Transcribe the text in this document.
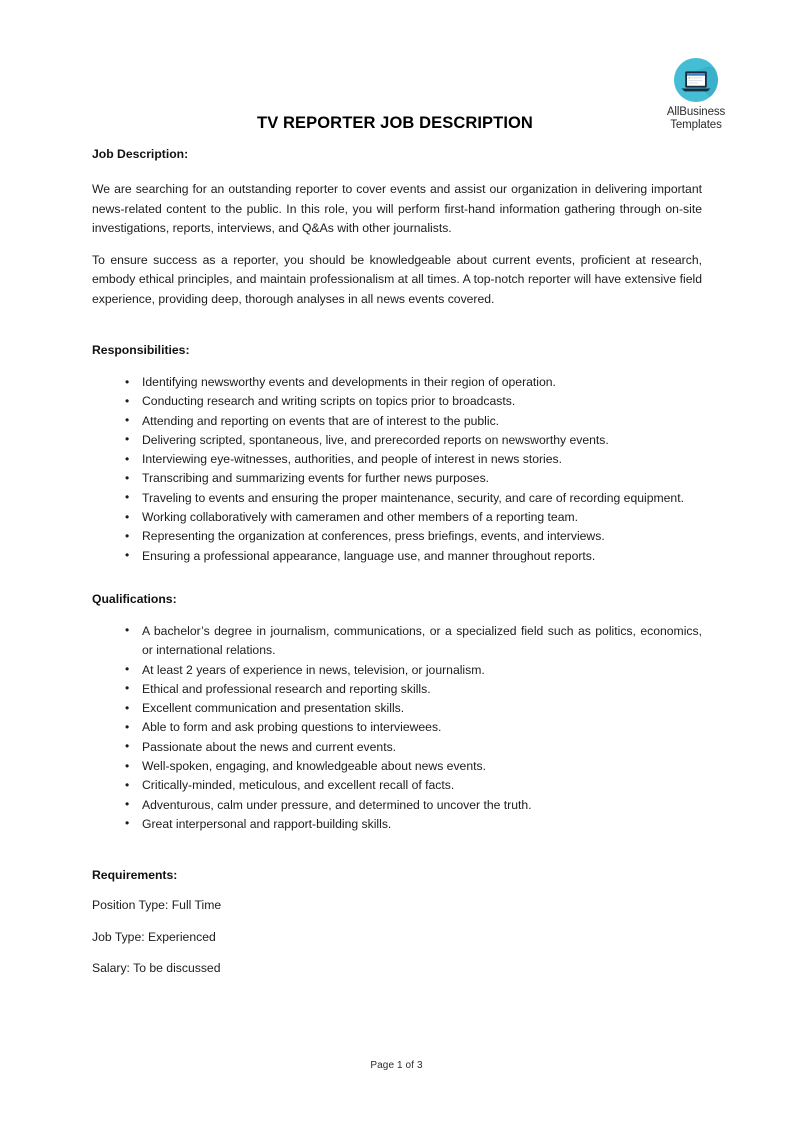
AllBusiness
Templates
TV REPORTER JOB DESCRIPTION
Job Description:

We are searching for an outstanding reporter to cover events and assist our organization in delivering important news-related content to the public. In this role, you will perform first-hand information gathering through on-site investigations, reports, interviews, and Q&As with other journalists.

To ensure success as a reporter, you should be knowledgeable about current events, proficient at research, embody ethical principles, and maintain professionalism at all times. A top-notch reporter will have extensive field experience, providing deep, thorough analyses in all news events covered.

Responsibilities:
• Identifying newsworthy events and developments in their region of operation.
• Conducting research and writing scripts on topics prior to broadcasts.
• Attending and reporting on events that are of interest to the public.
• Delivering scripted, spontaneous, live, and prerecorded reports on newsworthy events.
• Interviewing eye-witnesses, authorities, and people of interest in news stories.
• Transcribing and summarizing events for further news purposes.
• Traveling to events and ensuring the proper maintenance, security, and care of recording equipment.
• Working collaboratively with cameramen and other members of a reporting team.
• Representing the organization at conferences, press briefings, events, and interviews.
• Ensuring a professional appearance, language use, and manner throughout reports.
Qualifications:
• A bachelor’s degree in journalism, communications, or a specialized field such as politics, economics, or international relations.
• At least 2 years of experience in news, television, or journalism.
• Ethical and professional research and reporting skills.
• Excellent communication and presentation skills.
• Able to form and ask probing questions to interviewees.
• Passionate about the news and current events.
• Well-spoken, engaging, and knowledgeable about news events.
• Critically-minded, meticulous, and excellent recall of facts.
• Adventurous, calm under pressure, and determined to uncover the truth.
• Great interpersonal and rapport-building skills.
Requirements:

Position Type: Full Time

Job Type: Experienced

Salary: To be discussed

Page 1 of 3
